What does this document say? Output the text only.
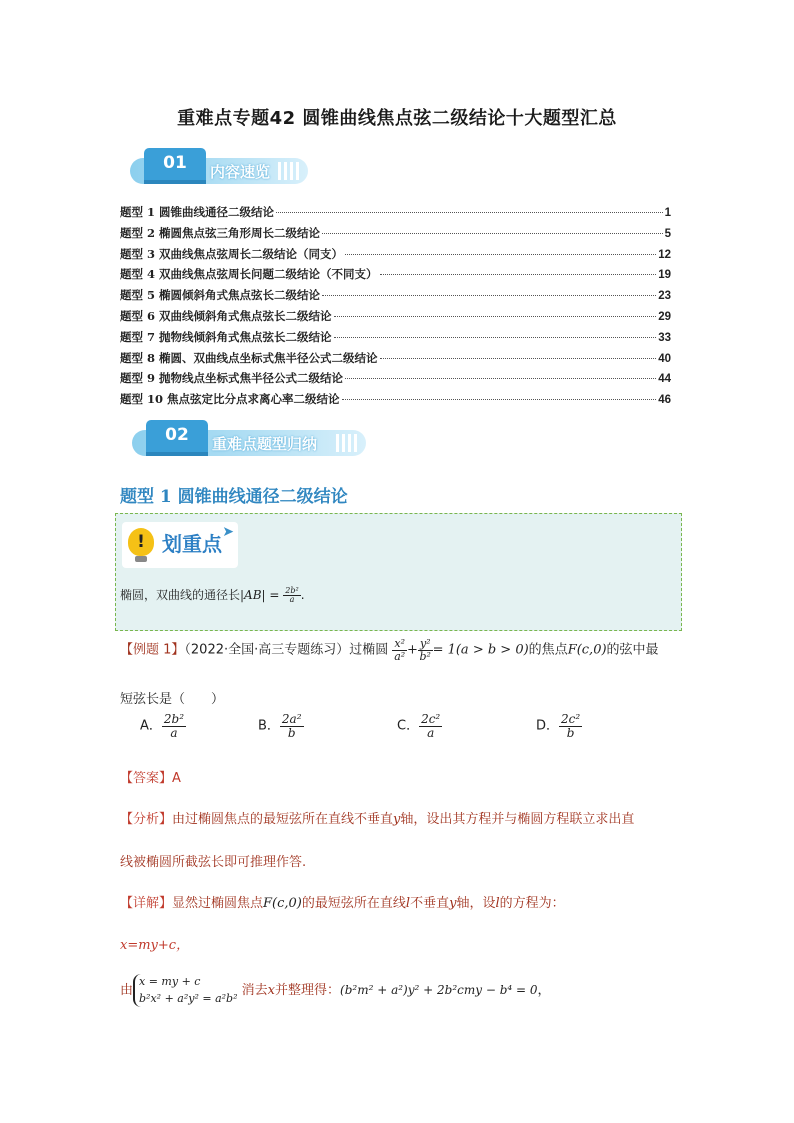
重难点专题42 圆锥曲线焦点弦二级结论十大题型汇总
内容速览
01
题型 1 圆锥曲线通径二级结论	1
题型 2 椭圆焦点弦三角形周长二级结论	5
题型 3 双曲线焦点弦周长二级结论（同支）	12
题型 4 双曲线焦点弦周长问题二级结论（不同支）	19
题型 5 椭圆倾斜角式焦点弦长二级结论	23
题型 6 双曲线倾斜角式焦点弦长二级结论	29
题型 7 抛物线倾斜角式焦点弦长二级结论	33
题型 8 椭圆、双曲线点坐标式焦半径公式二级结论	40
题型 9 抛物线点坐标式焦半径公式二级结论	44
题型 10 焦点弦定比分点求离心率二级结论	46
重难点题型归纳
02
题型 1 圆锥曲线通径二级结论
! 划重点 ➤
椭圆，双曲线的通径长$|AB| = \frac{\text{2b²}}{a}$ .
【例题 1】（2022·全国·高三专题练习）过椭圆 $\frac{\text{x²}}{\text{a²}} + \frac{\text{y²}}{\text{b²}} = 1(a > b > 0)$的焦点F(c,0)的弦中最
短弦长是（　　）
A． $\frac{\text{2b²}}{a}$	B． $\frac{\text{2a²}}{b}$	C． $\frac{\text{2c²}}{a}$	D． $\frac{\text{2c²}}{b}$
【答案】A
【分析】由过椭圆焦点的最短弦所在直线不垂直y轴，设出其方程并与椭圆方程联立求出直
线被椭圆所截弦长即可推理作答.
【详解】显然过椭圆焦点F(c,0)的最短弦所在直线l不垂直y轴，设l的方程为：
x=my+c，
由
x = my + c
b²x² + a²y² = a²b² 消去x并整理得：(b²m² + a²)y² + 2b²cmy − b⁴ = 0，
